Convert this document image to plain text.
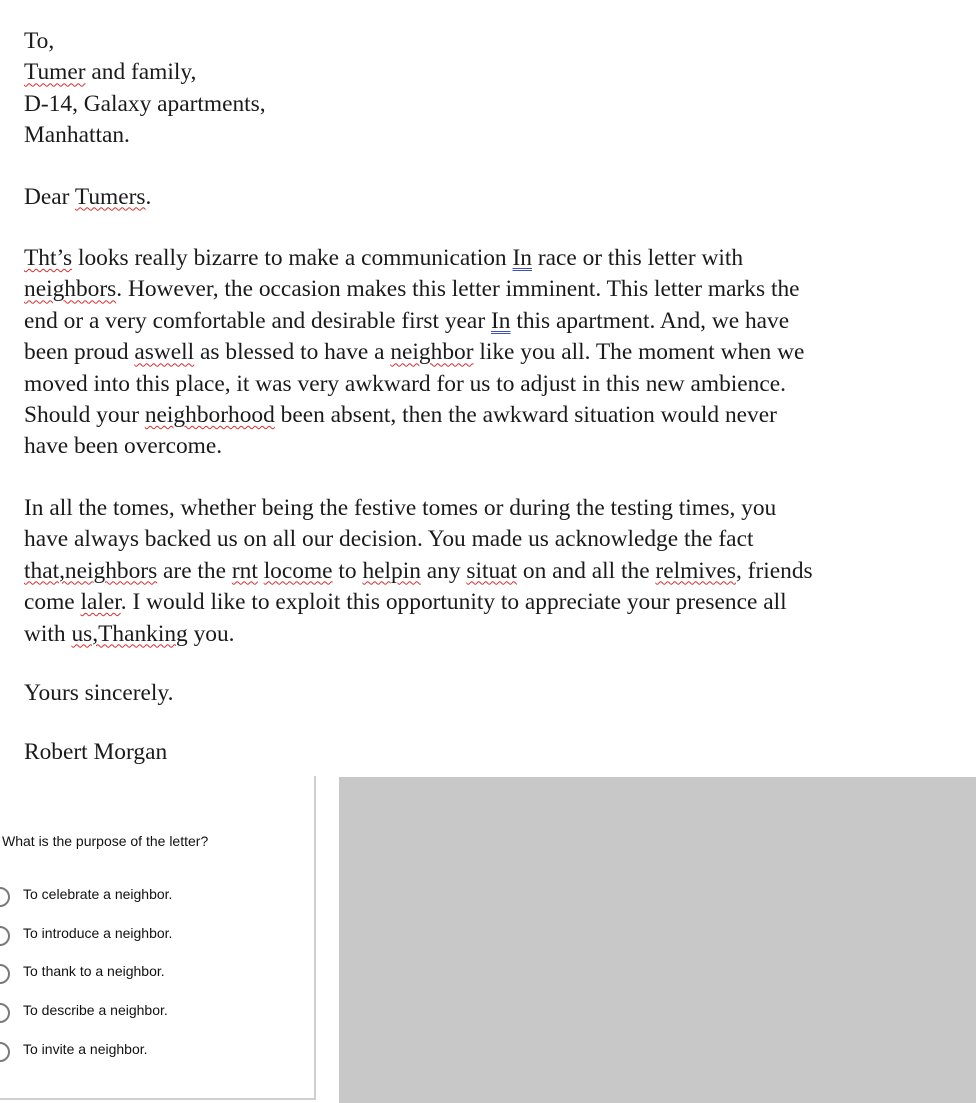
To,

Tumer and family,

D-14, Galaxy apartments,

Manhattan.

Dear Tumers.

Tht’s looks really bizarre to make a communication In race or this letter with

neighbors. However, the occasion makes this letter imminent. This letter marks the

end or a very comfortable and desirable first year In this apartment. And, we have

been proud aswell as blessed to have a neighbor like you all. The moment when we

moved into this place, it was very awkward for us to adjust in this new ambience.

Should your neighborhood been absent, then the awkward situation would never

have been overcome.

In all the tomes, whether being the festive tomes or during the testing times, you

have always backed us on all our decision. You made us acknowledge the fact

that,neighbors are the rnt locome to helpin any situat on and all the relmives, friends

come laler. I would like to exploit this opportunity to appreciate your presence all

with us,Thanking you.

Yours sincerely.

Robert Morgan

What is the purpose of the letter?
To celebrate a neighbor.
To introduce a neighbor.
To thank to a neighbor.
To describe a neighbor.
To invite a neighbor.
